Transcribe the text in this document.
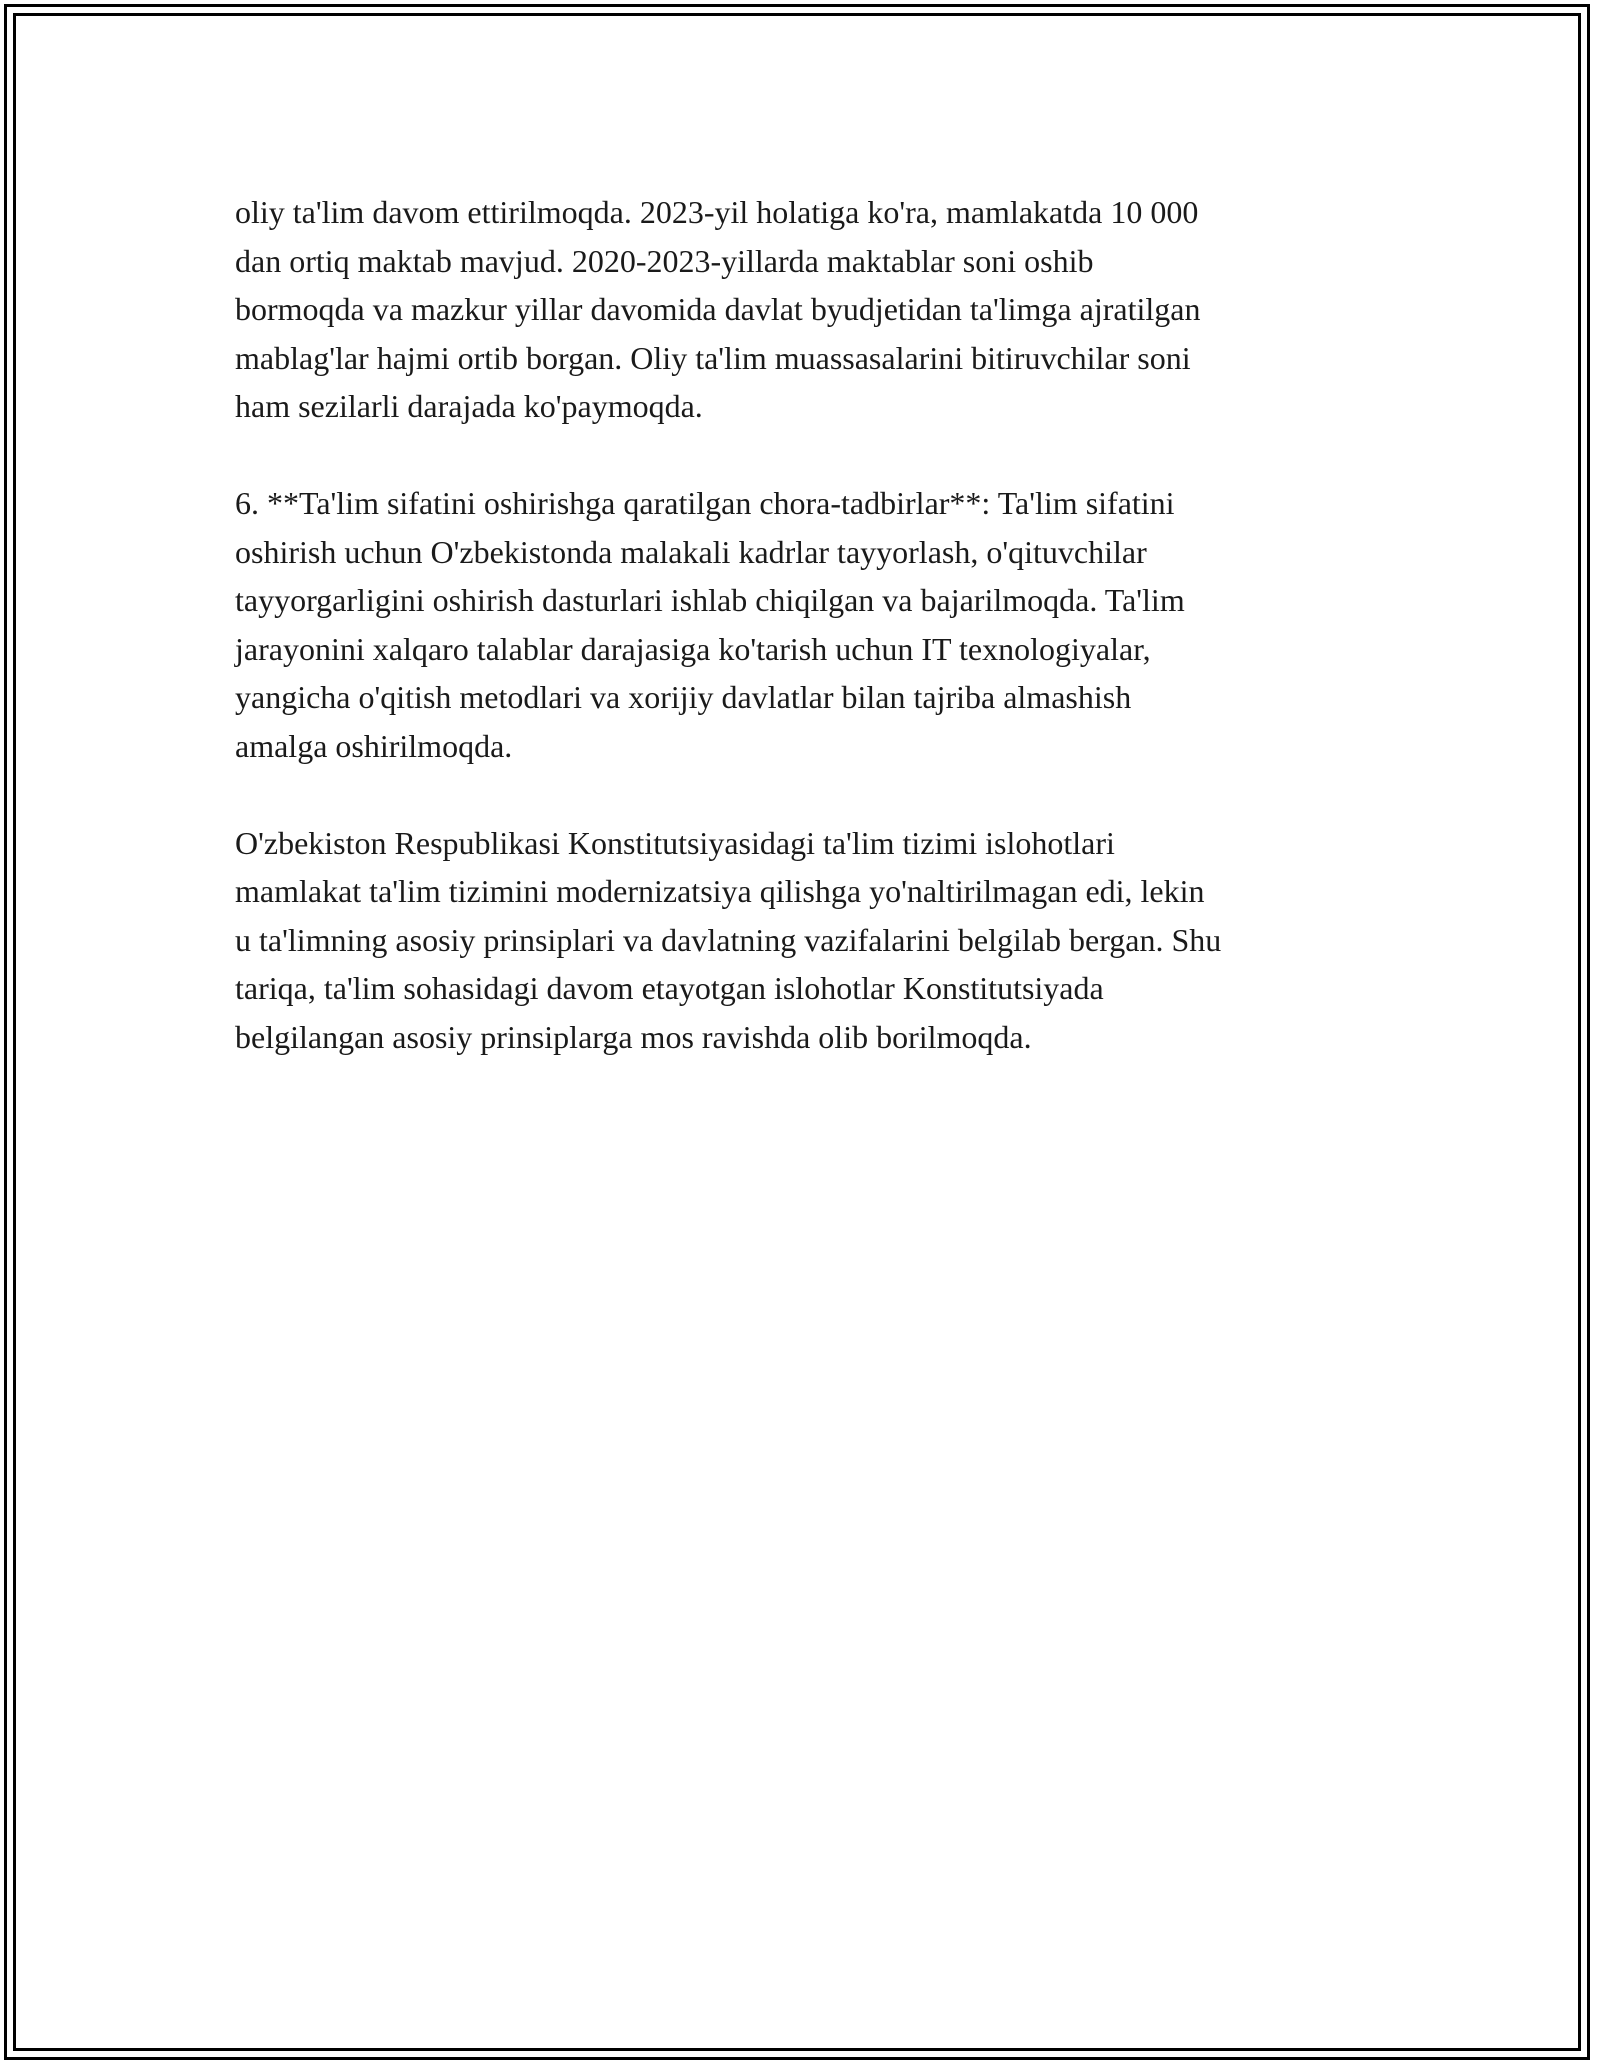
oliy ta'lim davom ettirilmoqda. 2023-yil holatiga ko'ra, mamlakatda 10 000
dan ortiq maktab mavjud. 2020-2023-yillarda maktablar soni oshib
bormoqda va mazkur yillar davomida davlat byudjetidan ta'limga ajratilgan
mablag'lar hajmi ortib borgan. Oliy ta'lim muassasalarini bitiruvchilar soni
ham sezilarli darajada ko'paymoqda.

6. **Ta'lim sifatini oshirishga qaratilgan chora-tadbirlar**: Ta'lim sifatini
oshirish uchun O'zbekistonda malakali kadrlar tayyorlash, o'qituvchilar
tayyorgarligini oshirish dasturlari ishlab chiqilgan va bajarilmoqda. Ta'lim
jarayonini xalqaro talablar darajasiga ko'tarish uchun IT texnologiyalar,
yangicha o'qitish metodlari va xorijiy davlatlar bilan tajriba almashish
amalga oshirilmoqda.

O'zbekiston Respublikasi Konstitutsiyasidagi ta'lim tizimi islohotlari
mamlakat ta'lim tizimini modernizatsiya qilishga yo'naltirilmagan edi, lekin
u ta'limning asosiy prinsiplari va davlatning vazifalarini belgilab bergan. Shu
tariqa, ta'lim sohasidagi davom etayotgan islohotlar Konstitutsiyada
belgilangan asosiy prinsiplarga mos ravishda olib borilmoqda.
